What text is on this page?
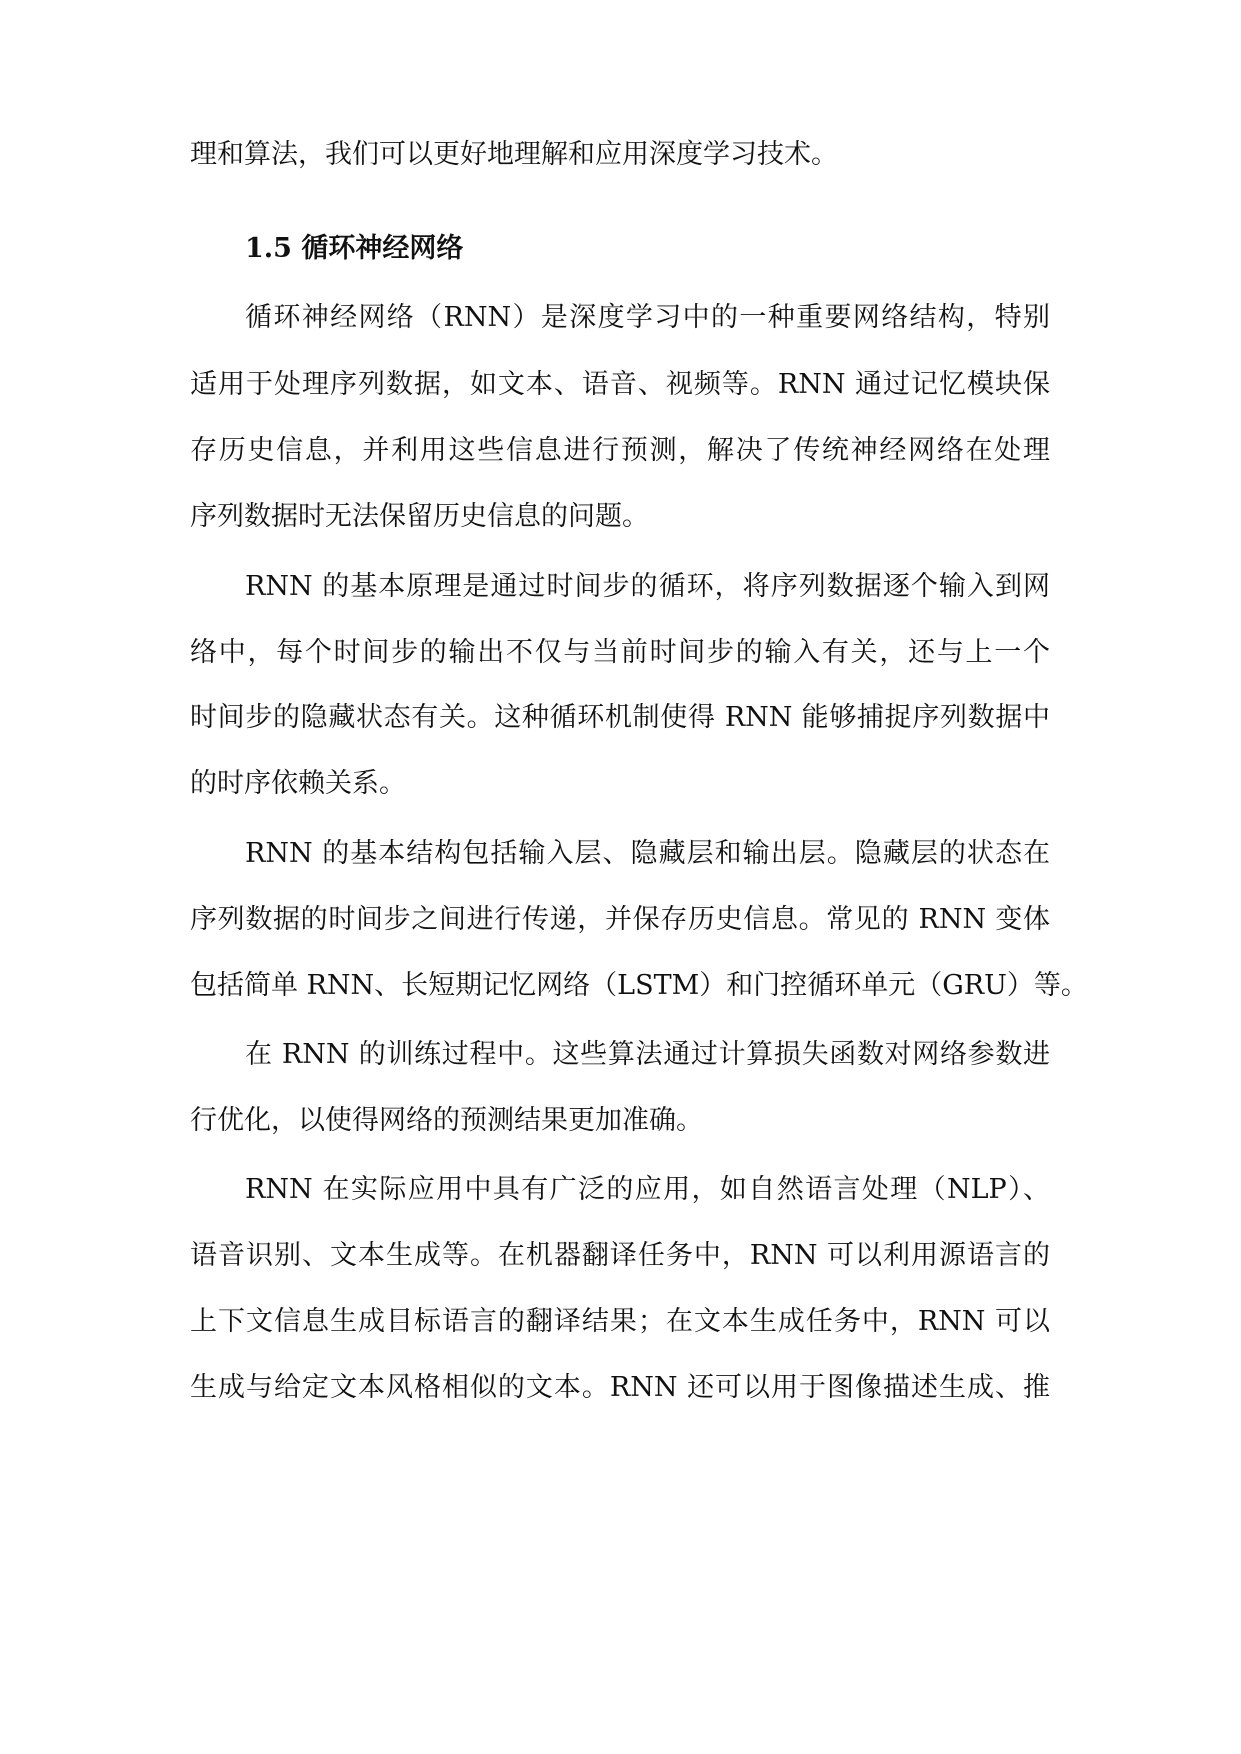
理和算法，我们可以更好地理解和应用深度学习技术。
1.5 循环神经网络
循环神经网络（RNN）是深度学习中的一种重要网络结构，特别
适用于处理序列数据，如文本、语音、视频等。RNN 通过记忆模块保
存历史信息，并利用这些信息进行预测，解决了传统神经网络在处理
序列数据时无法保留历史信息的问题。
RNN 的基本原理是通过时间步的循环，将序列数据逐个输入到网
络中，每个时间步的输出不仅与当前时间步的输入有关，还与上一个
时间步的隐藏状态有关。这种循环机制使得 RNN 能够捕捉序列数据中
的时序依赖关系。
RNN 的基本结构包括输入层、隐藏层和输出层。隐藏层的状态在
序列数据的时间步之间进行传递，并保存历史信息。常见的 RNN 变体
包括简单 RNN、长短期记忆网络（LSTM）和门控循环单元（GRU）等。
在 RNN 的训练过程中。这些算法通过计算损失函数对网络参数进
行优化，以使得网络的预测结果更加准确。
RNN 在实际应用中具有广泛的应用，如自然语言处理（NLP）、
语音识别、文本生成等。在机器翻译任务中，RNN 可以利用源语言的
上下文信息生成目标语言的翻译结果；在文本生成任务中，RNN 可以
生成与给定文本风格相似的文本。RNN 还可以用于图像描述生成、推
